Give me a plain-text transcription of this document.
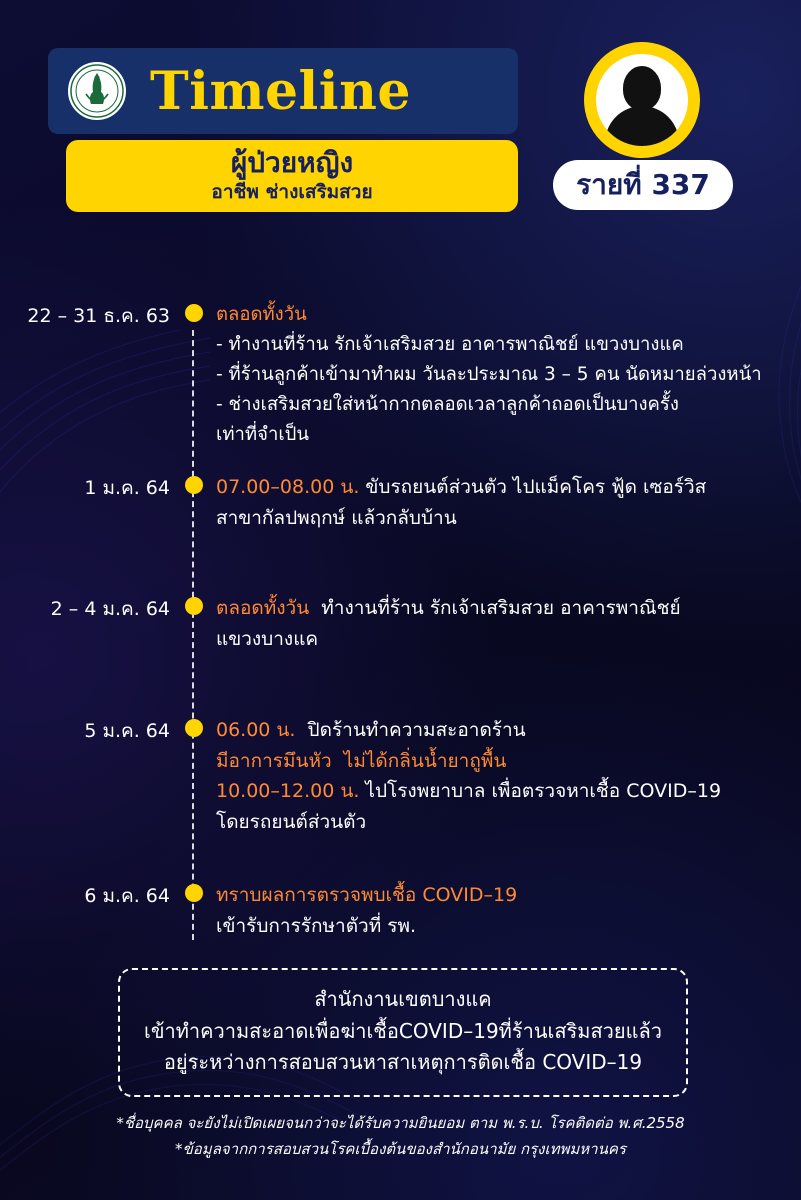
Timeline
ผู้ป่วยหญิง
อาชีพ ช่างเสริมสวย	รายที่ 337
22 – 31 ธ.ค. 63	ตลอดทั้งวัน
- ทำงานที่ร้าน รักเจ้าเสริมสวย อาคารพาณิชย์ แขวงบางแค
- ที่ร้านลูกค้าเข้ามาทำผม วันละประมาณ 3 – 5 คน นัดหมายล่วงหน้า
- ช่างเสริมสวยใส่หน้ากากตลอดเวลาลูกค้าถอดเป็นบางครั้ง
เท่าที่จำเป็น
1 ม.ค. 64	07.00–08.00 น. ขับรถยนต์ส่วนตัว ไปแม็คโคร ฟู้ด เซอร์วิส
สาขากัลปพฤกษ์ แล้วกลับบ้าน
2 – 4 ม.ค. 64	ตลอดทั้งวัน  ทำงานที่ร้าน รักเจ้าเสริมสวย อาคารพาณิชย์
แขวงบางแค
5 ม.ค. 64	06.00 น.  ปิดร้านทำความสะอาดร้าน
มีอาการมึนหัว  ไม่ได้กลิ่นน้ำยาถูพื้น
10.00–12.00 น. ไปโรงพยาบาล เพื่อตรวจหาเชื้อ COVID–19
โดยรถยนต์ส่วนตัว
6 ม.ค. 64	ทราบผลการตรวจพบเชื้อ COVID–19
เข้ารับการรักษาตัวที่ รพ.
สำนักงานเขตบางแค
เข้าทำความสะอาดเพื่อฆ่าเชื้อCOVID–19ที่ร้านเสริมสวยแล้ว
อยู่ระหว่างการสอบสวนหาสาเหตุการติดเชื้อ COVID–19
*ชื่อบุคคล จะยังไม่เปิดเผยจนกว่าจะได้รับความยินยอม ตาม พ.ร.บ. โรคติดต่อ พ.ศ.2558
*ข้อมูลจากการสอบสวนโรคเบื้องต้นของสำนักอนามัย กรุงเทพมหานคร
